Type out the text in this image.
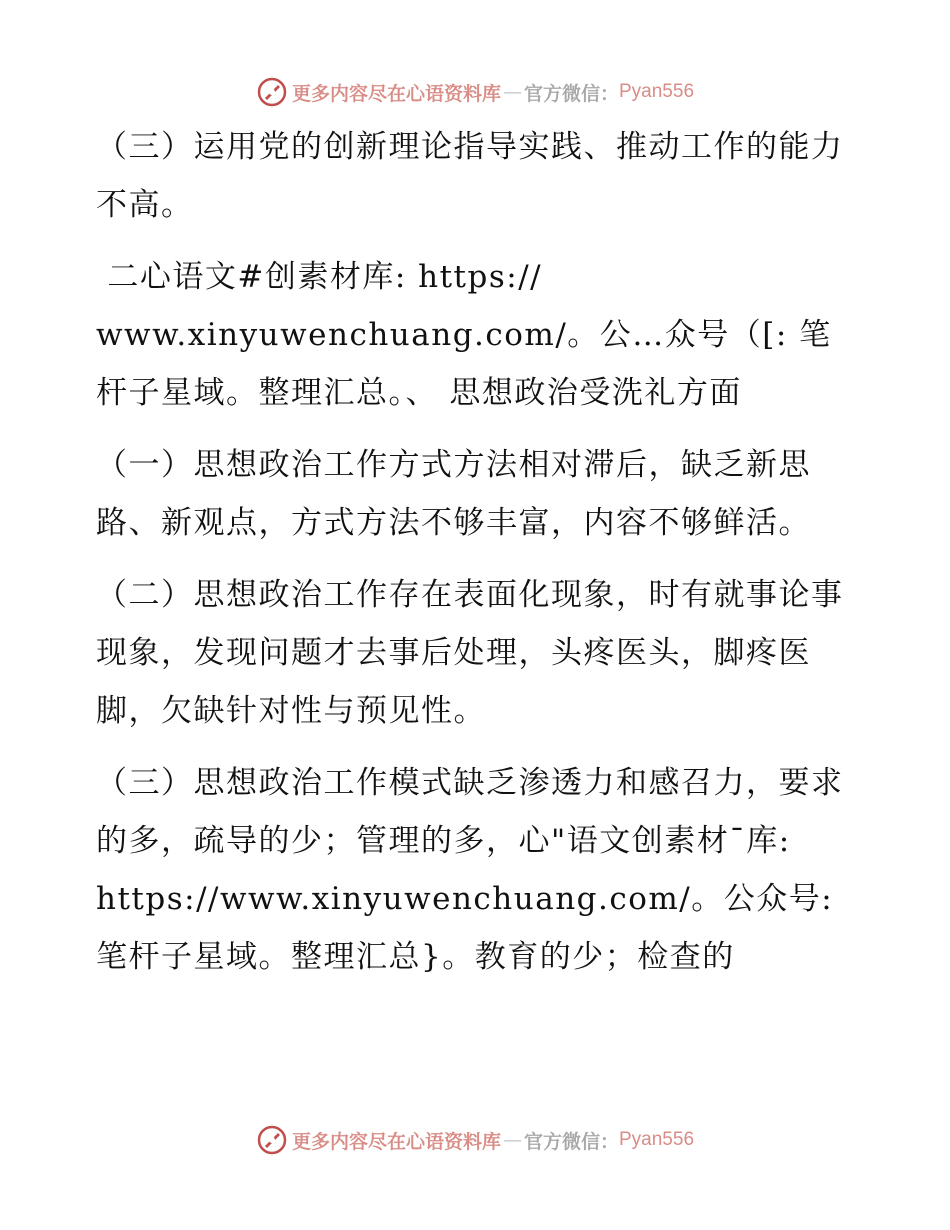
更多内容尽在心语资料库 — 官方微信： Pyan556

（三）运用党的创新理论指导实践、推动工作的能力不高。

二心语文#创素材库: https://
www.xinyuwenchuang.com/。公…众号（[: 笔杆子星域。整理汇总。、 思想政治受洗礼方面

（一）思想政治工作方式方法相对滞后，缺乏新思路、新观点，方式方法不够丰富，内容不够鲜活。

（二）思想政治工作存在表面化现象，时有就事论事现象，发现问题才去事后处理，头疼医头，脚疼医脚，欠缺针对性与预见性。

（三）思想政治工作模式缺乏渗透力和感召力，要求的多，疏导的少；管理的多，心"语文创素材¯库: https://www.xinyuwenchuang.com/。公众号: 笔杆子星域。整理汇总}。教育的少；检查的

更多内容尽在心语资料库 — 官方微信： Pyan556
